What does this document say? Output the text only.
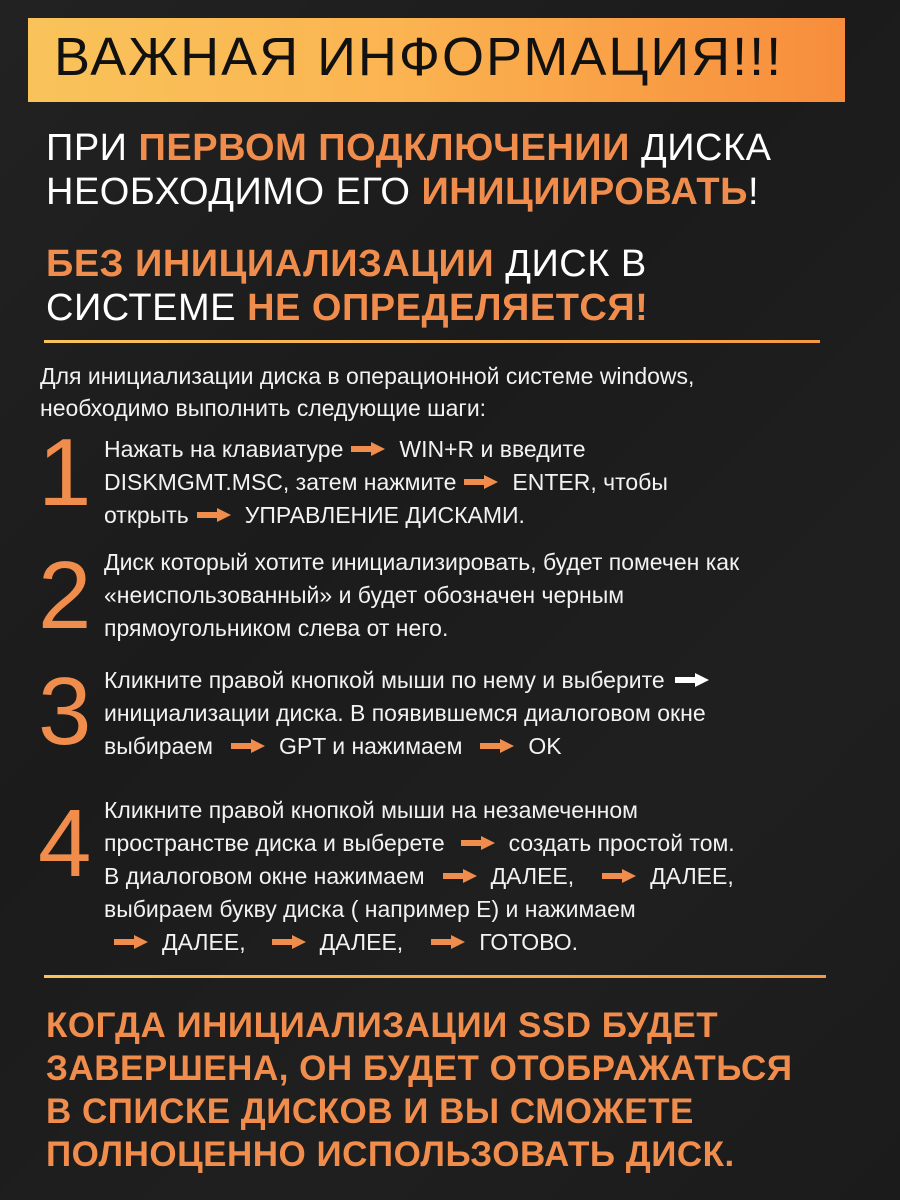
ВАЖНАЯ ИНФОРМАЦИЯ!!!
ПРИ ПЕРВОМ ПОДКЛЮЧЕНИИ ДИСКА
НЕОБХОДИМО ЕГО ИНИЦИИРОВАТЬ!
БЕЗ ИНИЦИАЛИЗАЦИИ ДИСК В
СИСТЕМЕ НЕ ОПРЕДЕЛЯЕТСЯ!
Для инициализации диска в операционной системе windows,
необходимо выполнить следующие шаги:
1 Нажать на клавиатуре WIN+R и введите
DISKMGMT.MSC, затем нажмите ENTER, чтобы
открыть УПРАВЛЕНИЕ ДИСКАМИ.
2 Диск который хотите инициализировать, будет помечен как
«неиспользованный» и будет обозначен черным
прямоугольником слева от него.
3 Кликните правой кнопкой мыши по нему и выберите
инициализации диска. В появившемся диалоговом окне
выбираем	GPT и нажимаем	OK
4 Кликните правой кнопкой мыши на незамеченном
пространстве диска и выберете	создать простой том.
В диалоговом окне нажимаем	ДАЛЕЕ,	ДАЛЕЕ,
выбираем букву диска ( например E) и нажимаем
ДАЛЕЕ,	ДАЛЕЕ,	ГОТОВО.
КОГДА ИНИЦИАЛИЗАЦИИ SSD БУДЕТ
ЗАВЕРШЕНА, ОН БУДЕТ ОТОБРАЖАТЬСЯ
В СПИСКЕ ДИСКОВ И ВЫ СМОЖЕТЕ
ПОЛНОЦЕННО ИСПОЛЬЗОВАТЬ ДИСК.
